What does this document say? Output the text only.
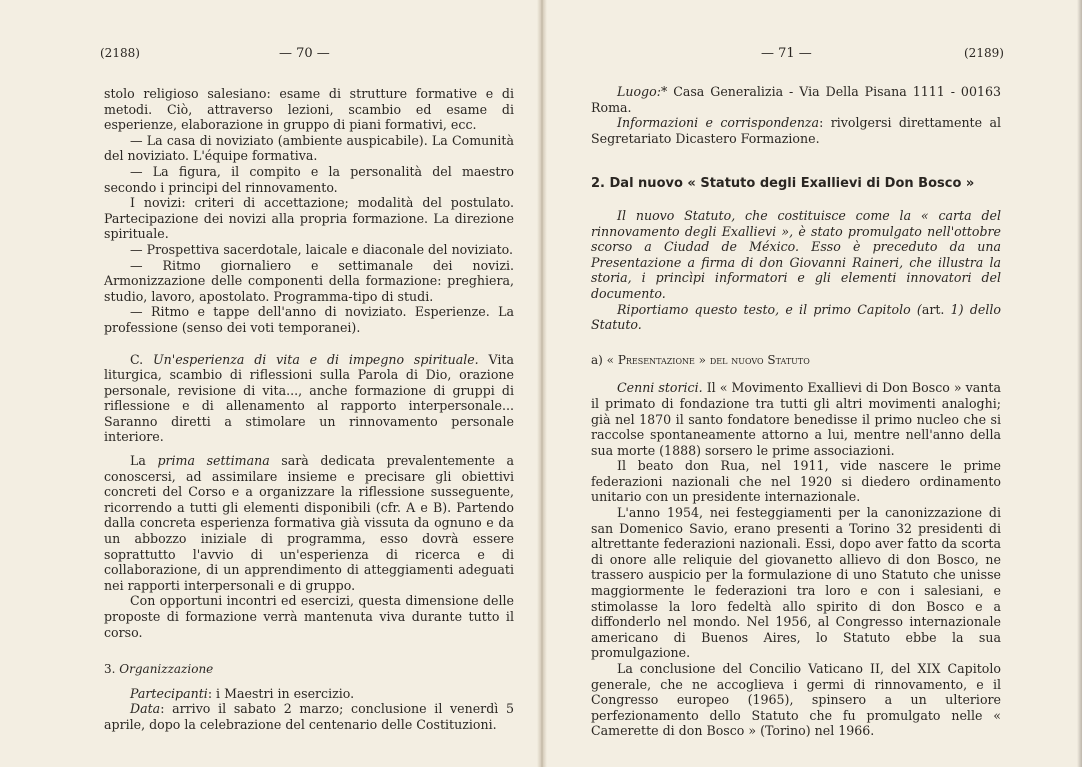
(2188)	— 70 —

stolo religioso salesiano: esame di strutture formative e di metodi. Ciò, attraverso lezioni, scambio ed esame di esperienze, elaborazione in gruppo di piani formativi, ecc.

— La casa di noviziato (ambiente auspicabile). La Comunità del noviziato. L'équipe formativa.

— La figura, il compito e la personalità del maestro secondo i principi del rinnovamento.

I novizi: criteri di accettazione; modalità del postulato. Partecipazione dei novizi alla propria formazione. La direzione spirituale.

— Prospettiva sacerdotale, laicale e diaconale del noviziato.

— Ritmo giornaliero e settimanale dei novizi. Armonizzazione delle componenti della formazione: preghiera, studio, lavoro, apostolato. Programma-tipo di studi.

— Ritmo e tappe dell'anno di noviziato. Esperienze. La professione (senso dei voti temporanei).

C. Un'esperienza di vita e di impegno spirituale. Vita liturgica, scambio di riflessioni sulla Parola di Dio, orazione personale, revisione di vita..., anche formazione di gruppi di riflessione e di allenamento al rapporto interpersonale... Saranno diretti a stimolare un rinnovamento personale interiore.

La prima settimana sarà dedicata prevalentemente a conoscersi, ad assimilare insieme e precisare gli obiettivi concreti del Corso e a organizzare la riflessione susseguente, ricorrendo a tutti gli elementi disponibili (cfr. A e B). Partendo dalla concreta esperienza formativa già vissuta da ognuno e da un abbozzo iniziale di programma, esso dovrà essere soprattutto l'avvio di un'esperienza di ricerca e di collaborazione, di un apprendimento di atteggiamenti adeguati nei rapporti interpersonali e di gruppo.

Con opportuni incontri ed esercizi, questa dimensione delle proposte di formazione verrà mantenuta viva durante tutto il corso.

3. Organizzazione

Partecipanti: i Maestri in esercizio.

Data: arrivo il sabato 2 marzo; conclusione il venerdì 5 aprile, dopo la celebrazione del centenario delle Costituzioni.

— 71 —	(2189)

Luogo:* Casa Generalizia - Via Della Pisana 1111 - 00163 Roma.

Informazioni e corrispondenza: rivolgersi direttamente al Segretariato Dicastero Formazione.

2. Dal nuovo « Statuto degli Exallievi di Don Bosco »

Il nuovo Statuto, che costituisce come la « carta del rinnovamento degli Exallievi », è stato promulgato nell'ottobre scorso a Ciudad de México. Esso è preceduto da una Presentazione a firma di don Giovanni Raineri, che illustra la storia, i princìpi informatori e gli elementi innovatori del documento.

Riportiamo questo testo, e il primo Capitolo (art. 1) dello Statuto.

a) « Presentazione » del nuovo Statuto

Cenni storici. Il « Movimento Exallievi di Don Bosco » vanta il primato di fondazione tra tutti gli altri movimenti analoghi; già nel 1870 il santo fondatore benedisse il primo nucleo che si raccolse spontaneamente attorno a lui, mentre nell'anno della sua morte (1888) sorsero le prime associazioni.

Il beato don Rua, nel 1911, vide nascere le prime federazioni nazionali che nel 1920 si diedero ordinamento unitario con un presidente internazionale.

L'anno 1954, nei festeggiamenti per la canonizzazione di san Domenico Savio, erano presenti a Torino 32 presidenti di altrettante federazioni nazionali. Essi, dopo aver fatto da scorta di onore alle reliquie del giovanetto allievo di don Bosco, ne trassero auspicio per la formulazione di uno Statuto che unisse maggiormente le federazioni tra loro e con i salesiani, e stimolasse la loro fedeltà allo spirito di don Bosco e a diffonderlo nel mondo. Nel 1956, al Congresso internazionale americano di Buenos Aires, lo Statuto ebbe la sua promulgazione.

La conclusione del Concilio Vaticano II, del XIX Capitolo generale, che ne accoglieva i germi di rinnovamento, e il Congresso europeo (1965), spinsero a un ulteriore perfezionamento dello Statuto che fu promulgato nelle « Camerette di don Bosco » (Torino) nel 1966.
